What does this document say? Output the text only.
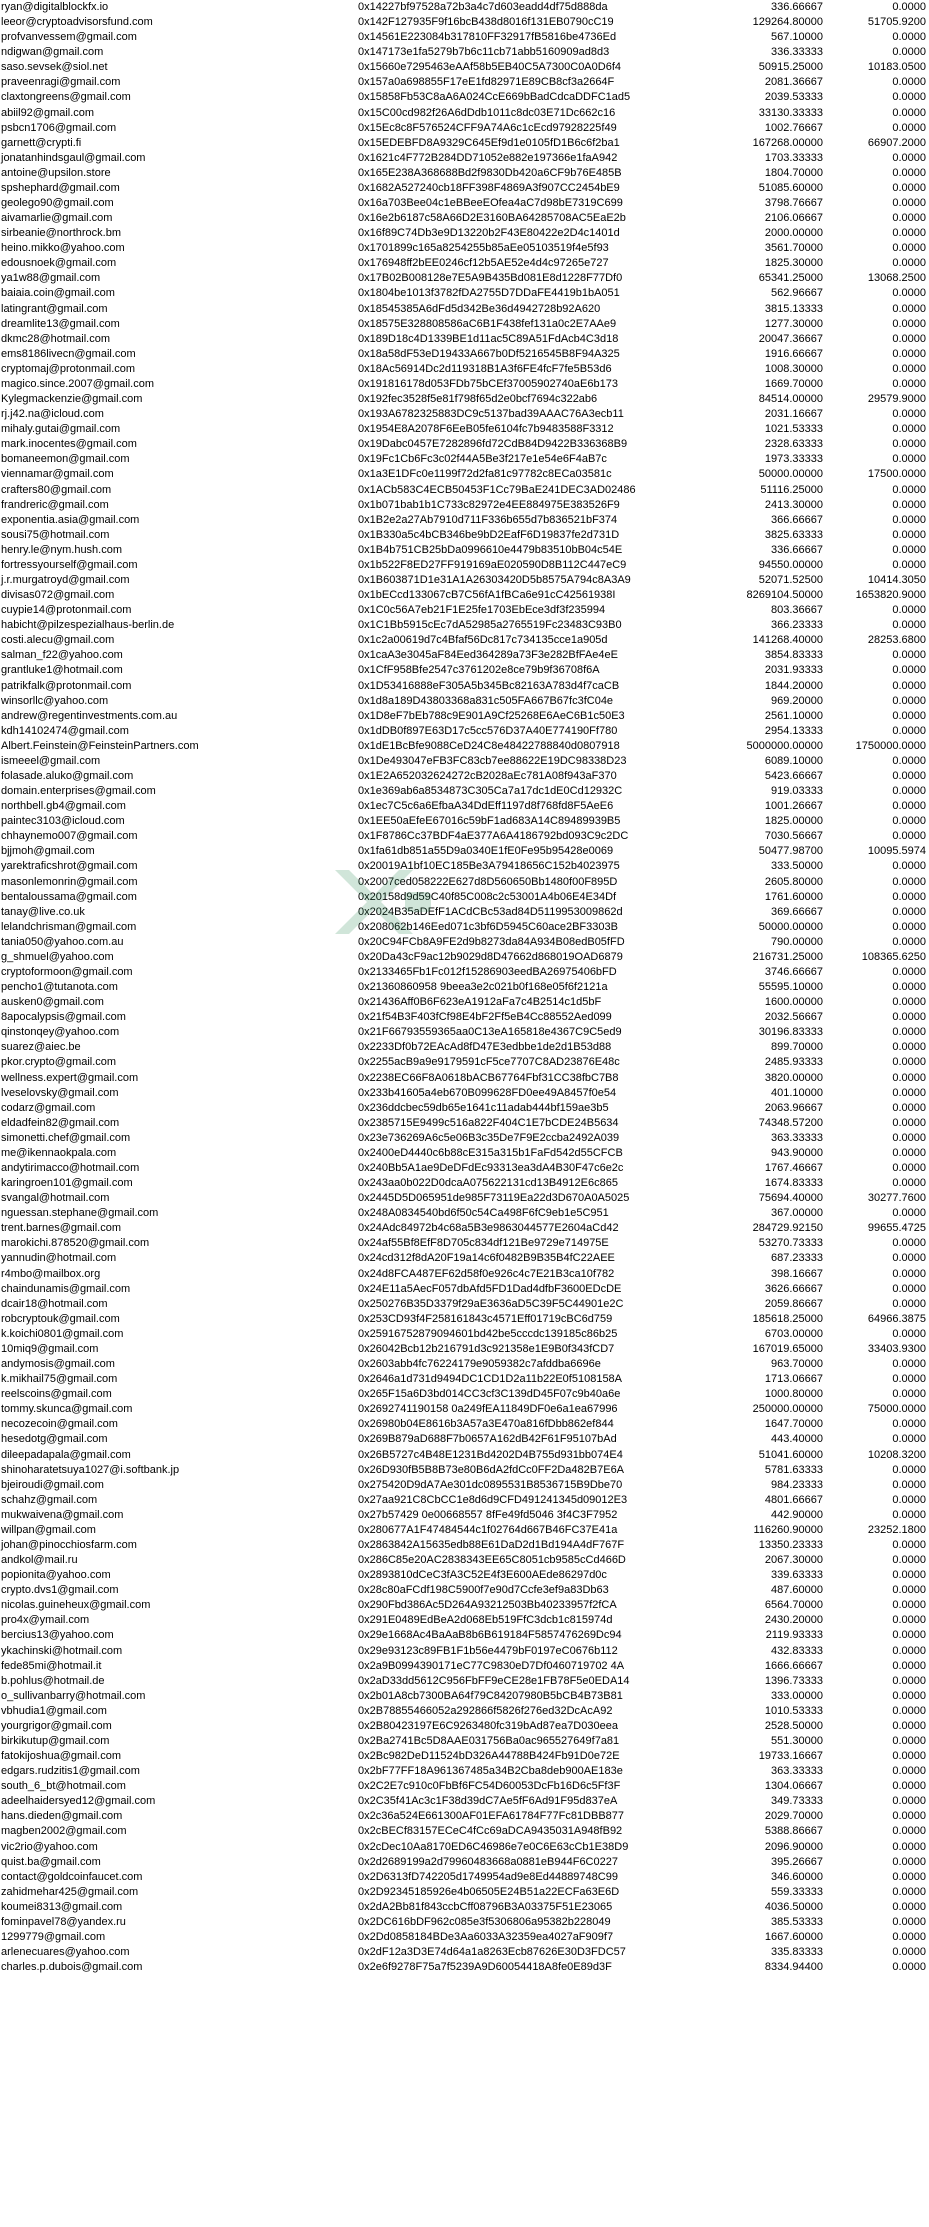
ryan@digitalblockfx.io	0x14227bf97528a72b3a4c7d603eadd4df75d888da	336.66667	0.0000
leeor@cryptoadvisorsfund.com	0x142F127935F9f16bcB438d8016f131EB0790cC19	129264.80000	51705.9200
profvanvessem@gmail.com	0x14561E223084b317810FF32917fB5816be4736Ed	567.10000	0.0000
ndigwan@gmail.com	0x147173e1fa5279b7b6c11cb71abb5160909ad8d3	336.33333	0.0000
saso.sevsek@siol.net	0x15660e7295463eAAf58b5EB40C5A7300C0A0D6f4	50915.25000	10183.0500
praveenragi@gmail.com	0x157a0a698855F17eE1fd82971E89CB8cf3a2664F	2081.36667	0.0000
claxtongreens@gmail.com	0x15858Fb53C8aA6A024CcE669bBadCdcaDDFC1ad5	2039.53333	0.0000
abiil92@gmail.com	0x15C00cd982f26A6dDdb1011c8dc03E71Dc662c16	33130.33333	0.0000
psbcn1706@gmail.com	0x15Ec8c8F576524CFF9A74A6c1cEcd97928225f49	1002.76667	0.0000
garnett@crypti.fi	0x15EDEBFD8A9329C645Ef9d1e0105fD1B6c6f2ba1	167268.00000	66907.2000
jonatanhindsgaul@gmail.com	0x1621c4F772B284DD71052e882e197366e1faA942	1703.33333	0.0000
antoine@upsilon.store	0x165E238A368688Bd2f9830Db420a6CF9b76E485B	1804.70000	0.0000
spshephard@gmail.com	0x1682A527240cb18FF398F4869A3f907CC2454bE9	51085.60000	0.0000
geolego90@gmail.com	0x16a703Bee04c1eBBeeEOfea4aC7d98bE7319C699	3798.76667	0.0000
aivamarlie@gmail.com	0x16e2b6187c58A66D2E3160BA64285708AC5EaE2b	2106.06667	0.0000
sirbeanie@northrock.bm	0x16f89C74Db3e9D13220b2F43E80422e2D4c1401d	2000.00000	0.0000
heino.mikko@yahoo.com	0x1701899c165a8254255b85aEe05103519f4e5f93	3561.70000	0.0000
edousnoek@gmail.com	0x176948ff2bEE0246cf12b5AE52e4d4c97265e727	1825.30000	0.0000
ya1w88@gmail.com	0x17B02B008128e7E5A9B435Bd081E8d1228F77Df0	65341.25000	13068.2500
baiaia.coin@gmail.com	0x1804be1013f3782fDA2755D7DDaFE4419b1bA051	562.96667	0.0000
latingrant@gmail.com	0x18545385A6dFd5d342Be36d4942728b92A620	3815.13333	0.0000
dreamlite13@gmail.com	0x18575E328808586aC6B1F438fef131a0c2E7AAe9	1277.30000	0.0000
dkmc28@hotmail.com	0x189D18c4D1339BE1d11ac5C89A51FdAcb4C3d18	20047.36667	0.0000
ems8186livecn@gmail.com	0x18a58dF53eD19433A667b0Df5216545B8F94A325	1916.66667	0.0000
cryptomaj@protonmail.com	0x18Ac56914Dc2d119318B1A3f6FE4fcF7fe5B53d6	1008.30000	0.0000
magico.since.2007@gmail.com	0x191816178d053FDb75bCEf37005902740aE6b173	1669.70000	0.0000
Kylegmackenzie@gmail.com	0x192fec3528f5e81f798f65d2e0bcf7694c322ab6	84514.00000	29579.9000
rj.j42.na@icloud.com	0x193A6782325883DC9c5137bad39AAAC76A3ecb11	2031.16667	0.0000
mihaly.gutai@gmail.com	0x1954E8A2078F6EeB05fe6104fc7b9483588F3312	1021.53333	0.0000
mark.inocentes@gmail.com	0x19Dabc0457E7282896fd72CdB84D9422B336368B9	2328.63333	0.0000
bomaneemon@gmail.com	0x19Fc1Cb6Fc3c02f44A5Be3f217e1e54e6F4aB7c	1973.33333	0.0000
viennamar@gmail.com	0x1a3E1DFc0e1199f72d2fa81c97782c8ECa03581c	50000.00000	17500.0000
crafters80@gmail.com	0x1ACb583C4ECB50453F1Cc79BaE241DEC3AD02486	51116.25000	0.0000
frandreric@gmail.com	0x1b071bab1b1C733c82972e4EE884975E383526F9	2413.30000	0.0000
exponentia.asia@gmail.com	0x1B2e2a27Ab7910d711F336b655d7b836521bF374	366.66667	0.0000
sousi75@hotmail.com	0x1B330a5c4bCB346be9bD2EafF6D19837fe2d731D	3825.63333	0.0000
henry.le@nym.hush.com	0x1B4b751CB25bDa0996610e4479b83510bB04c54E	336.66667	0.0000
fortressyourself@gmail.com	0x1b522F8ED27FF919169aE020590D8B112C447eC9	94550.00000	0.0000
j.r.murgatroyd@gmail.com	0x1B603871D1e31A1A26303420D5b8575A794c8A3A9	52071.52500	10414.3050
divisas072@gmail.com	0x1bECcd133067cB7C56fA1fBCa6e91cC42561938I	8269104.50000	1653820.9000
cuypie14@protonmail.com	0x1C0c56A7eb21F1E25fe1703EbEce3df3f235994	803.36667	0.0000
habicht@pilzespezialhaus-berlin.de	0x1C1Bb5915cEc7dA52985a2765519Fc23483C93B0	366.23333	0.0000
costi.alecu@gmail.com	0x1c2a00619d7c4Bfaf56Dc817c734135cce1a905d	141268.40000	28253.6800
salman_f22@yahoo.com	0x1caA3e3045aF84Eed364289a73F3e282BfFAe4eE	3854.83333	0.0000
grantluke1@hotmail.com	0x1CfF958Bfe2547c3761202e8ce79b9f36708f6A	2031.93333	0.0000
patrikfalk@protonmail.com	0x1D53416888eF305A5b345Bc82163A783d4f7caCB	1844.20000	0.0000
winsorllc@yahoo.com	0x1d8a189D43803368a831c505FA667B67fc3fC04e	969.20000	0.0000
andrew@regentinvestments.com.au	0x1D8eF7bEb788c9E901A9Cf25268E6AeC6B1c50E3	2561.10000	0.0000
kdh14102474@gmail.com	0x1dDB0f897E63D17c5cc576D37A40E774190Ff780	2954.13333	0.0000
Albert.Feinstein@FeinsteinPartners.com	0x1dE1BcBfe9088CeD24C8e48422788840d0807918	5000000.00000	1750000.0000
ismeeel@gmail.com	0x1De493047eFB3FC83cb7ee88622E19DC98338D23	6089.10000	0.0000
folasade.aluko@gmail.com	0x1E2A652032624272cB2028aEc781A08f943aF370	5423.66667	0.0000
domain.enterprises@gmail.com	0x1e369ab6a8534873C305Ca7a17dc1dE0Cd12932C	919.03333	0.0000
northbell.gb4@gmail.com	0x1ec7C5c6a6EfbaA34DdEff1197d8f768fd8F5AeE6	1001.26667	0.0000
paintec3103@icloud.com	0x1EE50aEfeE67016c59bF1ad683A14C89489939B5	1825.00000	0.0000
chhaynemo007@gmail.com	0x1F8786Cc37BDF4aE377A6A4186792bd093C9c2DC	7030.56667	0.0000
bjjmoh@gmail.com	0x1fa61db851a55D9a0340E1fE0Fe95b95428e0069	50477.98700	10095.5974
yarektraficshrot@gmail.com	0x20019A1bf10EC185Be3A79418656C152b4023975	333.50000	0.0000
masonlemonrin@gmail.com	0x2007ced058222E627d8D560650Bb1480f00F895D	2605.80000	0.0000
bentaloussama@gmail.com	0x20158d9d59C40f85C008c2c53001A4b06E4E34Df	1761.60000	0.0000
tanay@live.co.uk	0x2024B35aDEfF1ACdCBc53ad84D5119953009862d	369.66667	0.0000
lelandchrisman@gmail.com	0x208062b146Eed071c3bf6D5945C60ace2BF3303B	50000.00000	0.0000
tania050@yahoo.com.au	0x20C94FCb8A9FE2d9b8273da84A934B08edB05fFD	790.00000	0.0000
g_shmuel@yahoo.com	0x20Da43cF9ac12b9029d8D47662d868019OAD6879	216731.25000	108365.6250
cryptoformoon@gmail.com	0x2133465Fb1Fc012f15286903eedBA26975406bFD	3746.66667	0.0000
pencho1@tutanota.com	0x21360860958 9beea3e2c021b0f168e05f6f2121a	55595.10000	0.0000
ausken0@gmail.com	0x21436Aff0B6F623eA1912aFa7c4B2514c1d5bF	1600.00000	0.0000
8apocalypsis@gmail.com	0x21f54B3F403fCf98E4bF2Ff5eB4Cc88552Aed099	2032.56667	0.0000
qinstonqey@yahoo.com	0x21F66793559365aa0C13eA165818e4367C9C5ed9	30196.83333	0.0000
suarez@aiec.be	0x2233Df0b72EAcAd8fD47E3edbbe1de2d1B53d88	899.70000	0.0000
pkor.crypto@gmail.com	0x2255acB9a9e9179591cF5ce7707C8AD23876E48c	2485.93333	0.0000
wellness.expert@gmail.com	0x2238EC66F8A0618bACB67764Fbf31CC38fbC7B8	3820.00000	0.0000
lveselovsky@gmail.com	0x233b41605a4eb670B099628FD0ee49A8457f0e54	401.10000	0.0000
codarz@gmail.com	0x236ddcbec59db65e1641c11adab444bf159ae3b5	2063.96667	0.0000
eldadfein82@gmail.com	0x2385715E9499c516a822F404C1E7bCDE24B5634	74348.57200	0.0000
simonetti.chef@gmail.com	0x23e736269A6c5e06B3c35De7F9E2ccba2492A039	363.33333	0.0000
me@ikennaokpala.com	0x2400eD4440c6b88cE315a315b1FaFd542d55CFCB	943.90000	0.0000
andytirimacco@hotmail.com	0x240Bb5A1ae9DeDFdEc93313ea3dA4B30F47c6e2c	1767.46667	0.0000
karingroen101@gmail.com	0x243aa0b022D0dcaA075622131cd13B4912E6c865	1674.83333	0.0000
svangal@hotmail.com	0x2445D5D065951de985F73119Ea22d3D670A0A5025	75694.40000	30277.7600
nguessan.stephane@gmail.com	0x248A0834540bd6f50c54Ca498F6fC9eb1e5C951	367.00000	0.0000
trent.barnes@gmail.com	0x24Adc84972b4c68a5B3e9863044577E2604aCd42	284729.92150	99655.4725
marokichi.878520@gmail.com	0x24af55Bf8EfF8D705c834df121Be9729e714975E	53270.73333	0.0000
yannudin@hotmail.com	0x24cd312f8dA20F19a14c6f0482B9B35B4fC22AEE	687.23333	0.0000
r4mbo@mailbox.org	0x24d8FCA487EF62d58f0e926c4c7E21B3ca10f782	398.16667	0.0000
chaindunamis@gmail.com	0x24E11a5AecF057dbAfd5FD1Dad4dfbF3600EDcDE	3626.66667	0.0000
dcair18@hotmail.com	0x250276B35D3379f29aE3636aD5C39F5C44901e2C	2059.86667	0.0000
robcryptouk@gmail.com	0x253CD93f4F258161843c4571Eff01719cBC6d759	185618.25000	64966.3875
k.koichi0801@gmail.com	0x25916752879094601bd42be5cccdc139185c86b25	6703.00000	0.0000
10miq9@gmail.com	0x26042Bcb12b216791d3c921358e1E9B0f343fCD7	167019.65000	33403.9300
andymosis@gmail.com	0x2603abb4fc76224179e9059382c7afddba6696e	963.70000	0.0000
k.mikhail75@gmail.com	0x2646a1d731d9494DC1CD1D2a11b22E0f5108158A	1713.06667	0.0000
reelscoins@gmail.com	0x265F15a6D3bd014CC3cf3C139dD45F07c9b40a6e	1000.80000	0.0000
tommy.skunca@gmail.com	0x2692741190158 0a249fEA11849DF0e6a1ea67996	250000.00000	75000.0000
necozecoin@gmail.com	0x26980b04E8616b3A57a3E470a816fDbb862ef844	1647.70000	0.0000
hesedotg@gmail.com	0x269B879aD688F7b0657A162dB42F61F95107bAd	443.40000	0.0000
dileepadapala@gmail.com	0x26B5727c4B48E1231Bd4202D4B755d931bb074E4	51041.60000	10208.3200
shinoharatetsuya1027@i.softbank.jp	0x26D930fB5B8B73e80B6dA2fdCc0FF2Da482B7E6A	5781.63333	0.0000
bjeiroudi@gmail.com	0x275420D9dA7Ae301dc0895531B8536715B9Dbe70	984.23333	0.0000
schahz@gmail.com	0x27aa921C8CbCC1e8d6d9CFD491241345d09012E3	4801.66667	0.0000
mukwaivena@gmail.com	0x27b57429 0e00668557 8fFe49fd5046 3f4C3F7952	442.90000	0.0000
willpan@gmail.com	0x280677A1F47484544c1f02764d667B46FC37E41a	116260.90000	23252.1800
johan@pinocchiosfarm.com	0x2863842A15635edb88E61DaD2d1Bd194A4dF767F	13350.23333	0.0000
andkol@mail.ru	0x286C85e20AC2838343EE65C8051cb9585cCd466D	2067.30000	0.0000
popionita@yahoo.com	0x2893810dCeC3fA3C52E4f3E600AEde86297d0c	339.63333	0.0000
crypto.dvs1@gmail.com	0x28c80aFCdf198C5900f7e90d7Ccfe3ef9a83Db63	487.60000	0.0000
nicolas.guineheux@gmail.com	0x290Fbd386Ac5D264A93212503Bb40233957f2fCA	6564.70000	0.0000
pro4x@ymail.com	0x291E0489EdBeA2d068Eb519FfC3dcb1c815974d	2430.20000	0.0000
bercius13@yahoo.com	0x29e1668Ac4BaAaB8b6B619184F5857476269Dc94	2119.93333	0.0000
ykachinski@hotmail.com	0x29e93123c89FB1F1b56e4479bF0197eC0676b112	432.83333	0.0000
fede85mi@hotmail.it	0x2a9B0994390171eC77C9830eD7Df0460719702 4A	1666.66667	0.0000
b.pohlus@hotmail.de	0x2aD33dd5612C956FbFF9eCE28e1FB78F5e0EDA14	1396.73333	0.0000
o_sullivanbarry@hotmail.com	0x2b01A8cb7300BA64f79C84207980B5bCB4B73B81	333.00000	0.0000
vbhudia1@gmail.com	0x2B78855466052a292866f5826f276ed32DcAcA92	1010.53333	0.0000
yourgrigor@gmail.com	0x2B80423197E6C9263480fc319bAd87ea7D030eea	2528.50000	0.0000
birkikutup@gmail.com	0x2Ba2741Bc5D8AAE031756Ba0ac965527649f7a81	551.30000	0.0000
fatokijoshua@gmail.com	0x2Bc982DeD11524bD326A44788B424Fb91D0e72E	19733.16667	0.0000
edgars.rudzitis1@gmail.com	0x2bF77FF18A961367485a34B2Cba8deb900AE183e	363.33333	0.0000
south_6_bt@hotmail.com	0x2C2E7c910c0FbBf6FC54D60053DcFb16D6c5Ff3F	1304.06667	0.0000
adeelhaidersyed12@gmail.com	0x2C35f41Ac3c1F38d39dC7Ae5fF6Ad91F95d837eA	349.73333	0.0000
hans.dieden@gmail.com	0x2c36a524E661300AF01EFA61784F77Fc81DBB877	2029.70000	0.0000
magben2002@gmail.com	0x2cBECf83157ECeC4fCc69aDCA9435031A948fB92	5388.86667	0.0000
vic2rio@yahoo.com	0x2cDec10Aa8170ED6C46986e7e0C6E63cCb1E38D9	2096.90000	0.0000
quist.ba@gmail.com	0x2d2689199a2d79960483668a0881eB944F6C0227	395.26667	0.0000
contact@goldcoinfaucet.com	0x2D6313fD742205d1749954ad9e8Ed44889748C99	346.60000	0.0000
zahidmehar425@gmail.com	0x2D92345185926e4b06505E24B51a22ECFa63E6D	559.33333	0.0000
koumei8313@gmail.com	0x2dA2Bb81f843ccbCff08796B3A03375F51E23065	4036.50000	0.0000
fominpavel78@yandex.ru	0x2DC616bDF962c085e3f5306806a95382b228049	385.53333	0.0000
1299779@gmail.com	0x2Dd0858184BDe3Aa6033A32359ea4027aF909f7	1667.60000	0.0000
arlenecuares@yahoo.com	0x2dF12a3D3E74d64a1a8263Ecb87626E30D3FDC57	335.83333	0.0000
charles.p.dubois@gmail.com	0x2e6f9278F75a7f5239A9D60054418A8fe0E89d3F	8334.94400	0.0000
